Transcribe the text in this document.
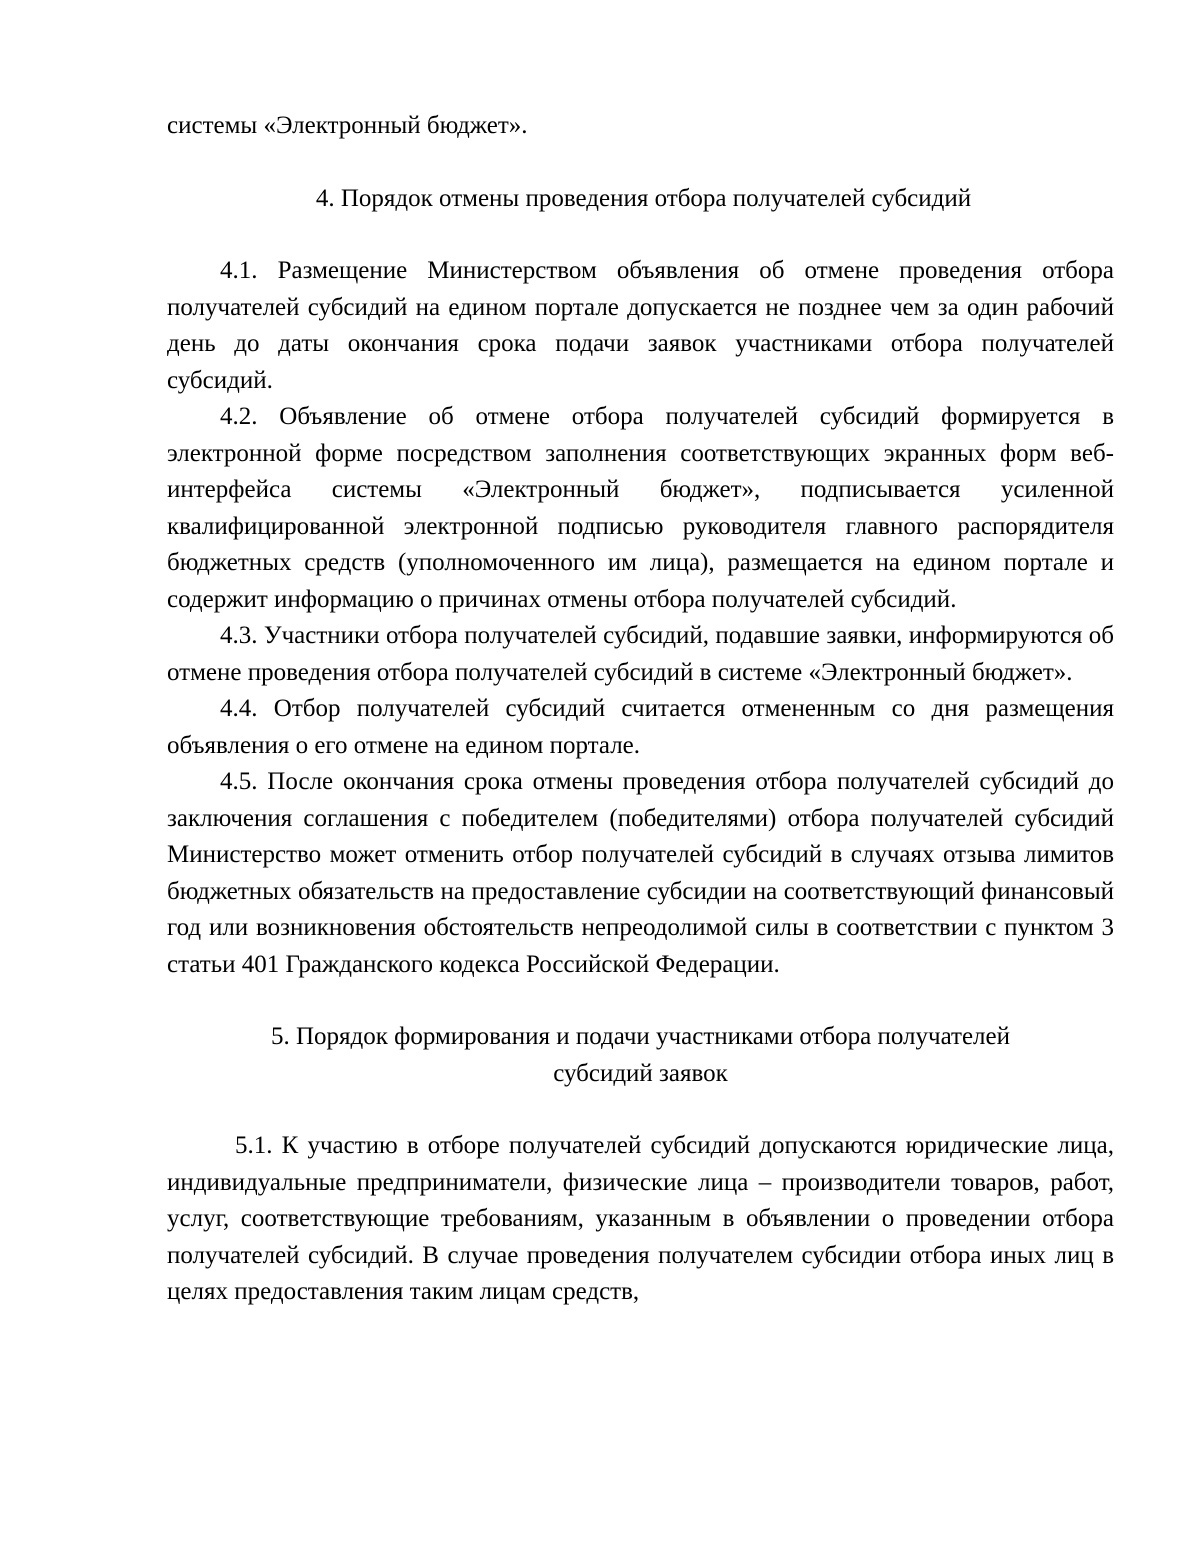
системы «Электронный бюджет».

4. Порядок отмены проведения отбора получателей субсидий

4.1. Размещение Министерством объявления об отмене проведения отбора получателей субсидий на едином портале допускается не позднее чем за один рабочий день до даты окончания срока подачи заявок участниками отбора получателей субсидий.

4.2. Объявление об отмене отбора получателей субсидий формируется в электронной форме посредством заполнения соответствующих экранных форм веб-интерфейса системы «Электронный бюджет», подписывается усиленной квалифицированной электронной подписью руководителя главного распорядителя бюджетных средств (уполномоченного им лица), размещается на едином портале и содержит информацию о причинах отмены отбора получателей субсидий.

4.3. Участники отбора получателей субсидий, подавшие заявки, информируются об отмене проведения отбора получателей субсидий в системе «Электронный бюджет».

4.4. Отбор получателей субсидий считается отмененным со дня размещения объявления о его отмене на едином портале.

4.5. После окончания срока отмены проведения отбора получателей субсидий до заключения соглашения с победителем (победителями) отбора получателей субсидий Министерство может отменить отбор получателей субсидий в случаях отзыва лимитов бюджетных обязательств на предоставление субсидии на соответствующий финансовый год или возникновения обстоятельств непреодолимой силы в соответствии с пунктом 3 статьи 401 Гражданского кодекса Российской Федерации.

5. Порядок формирования и подачи участниками отбора получателей
субсидий заявок

5.1. К участию в отборе получателей субсидий допускаются юридические лица, индивидуальные предприниматели, физические лица – производители товаров, работ, услуг, соответствующие требованиям, указанным в объявлении о проведении отбора получателей субсидий. В случае проведения получателем субсидии отбора иных лиц в целях предоставления таким лицам средств,
